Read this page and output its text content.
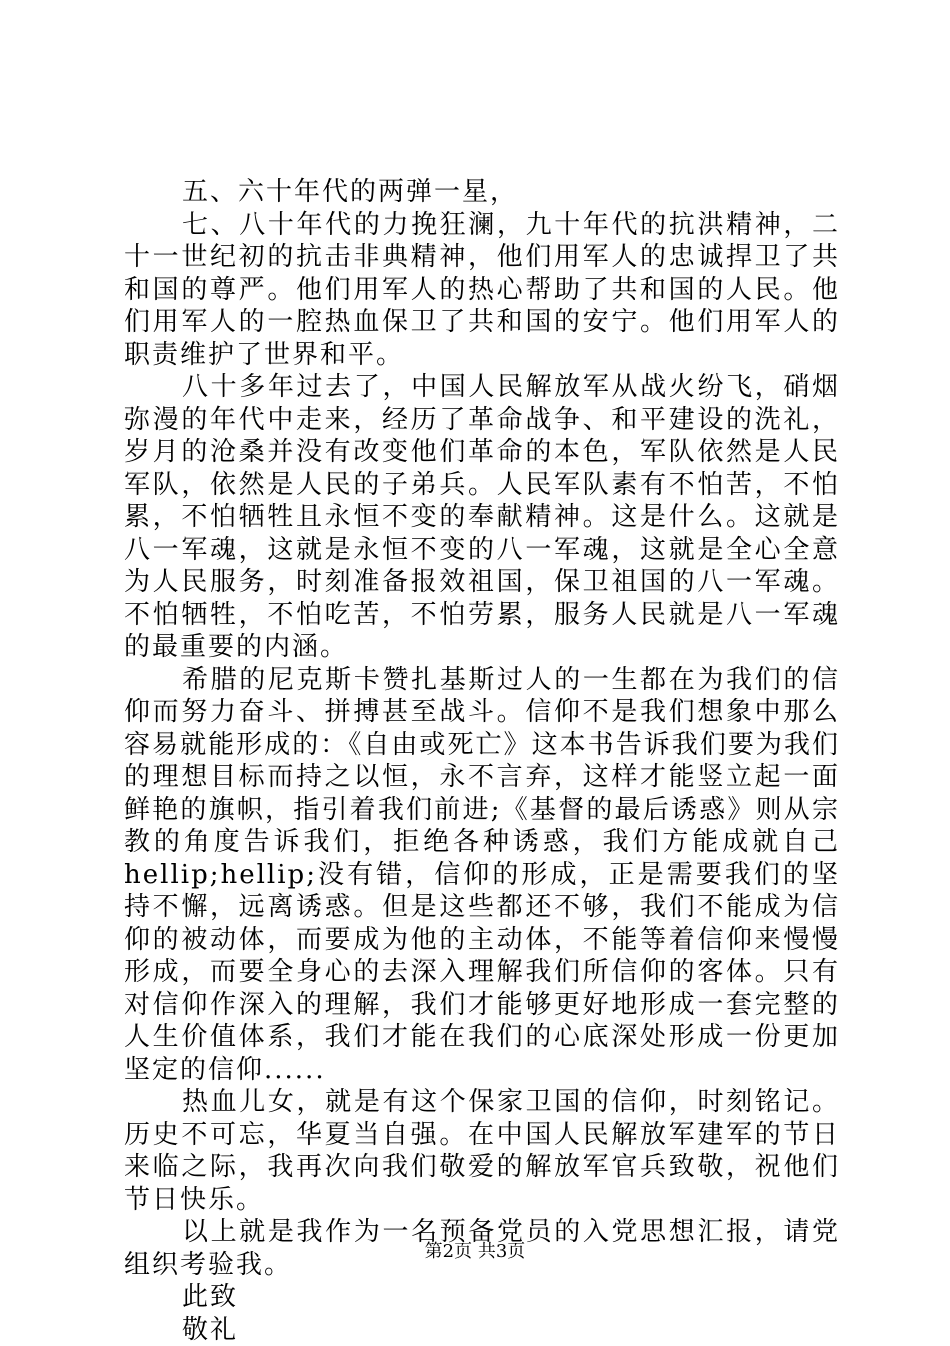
五、六十年代的两弹一星，

七、八十年代的力挽狂澜，九十年代的抗洪精神，二十一世纪初的抗击非典精神，他们用军人的忠诚捍卫了共和国的尊严。他们用军人的热心帮助了共和国的人民。他们用军人的一腔热血保卫了共和国的安宁。他们用军人的职责维护了世界和平。

八十多年过去了，中国人民解放军从战火纷飞，硝烟弥漫的年代中走来，经历了革命战争、和平建设的洗礼，岁月的沧桑并没有改变他们革命的本色，军队依然是人民军队，依然是人民的子弟兵。人民军队素有不怕苦，不怕累，不怕牺牲且永恒不变的奉献精神。这是什么。这就是八一军魂，这就是永恒不变的八一军魂，这就是全心全意为人民服务，时刻准备报效祖国，保卫祖国的八一军魂。不怕牺牲，不怕吃苦，不怕劳累，服务人民就是八一军魂的最重要的内涵。

希腊的尼克斯卡赞扎基斯过人的一生都在为我们的信仰而努力奋斗、拼搏甚至战斗。信仰不是我们想象中那么容易就能形成的：《自由或死亡》这本书告诉我们要为我们的理想目标而持之以恒，永不言弃，这样才能竖立起一面鲜艳的旗帜，指引着我们前进;《基督的最后诱惑》则从宗教的角度告诉我们，拒绝各种诱惑，我们方能成就自己hellip;hellip;没有错，信仰的形成，正是需要我们的坚持不懈，远离诱惑。但是这些都还不够，我们不能成为信仰的被动体，而要成为他的主动体，不能等着信仰来慢慢形成，而要全身心的去深入理解我们所信仰的客体。只有对信仰作深入的理解，我们才能够更好地形成一套完整的人生价值体系，我们才能在我们的心底深处形成一份更加坚定的信仰......

热血儿女，就是有这个保家卫国的信仰，时刻铭记。历史不可忘，华夏当自强。在中国人民解放军建军的节日来临之际，我再次向我们敬爱的解放军官兵致敬，祝他们节日快乐。

以上就是我作为一名预备党员的入党思想汇报，请党组织考验我。

此致

敬礼

第2页 共3页
